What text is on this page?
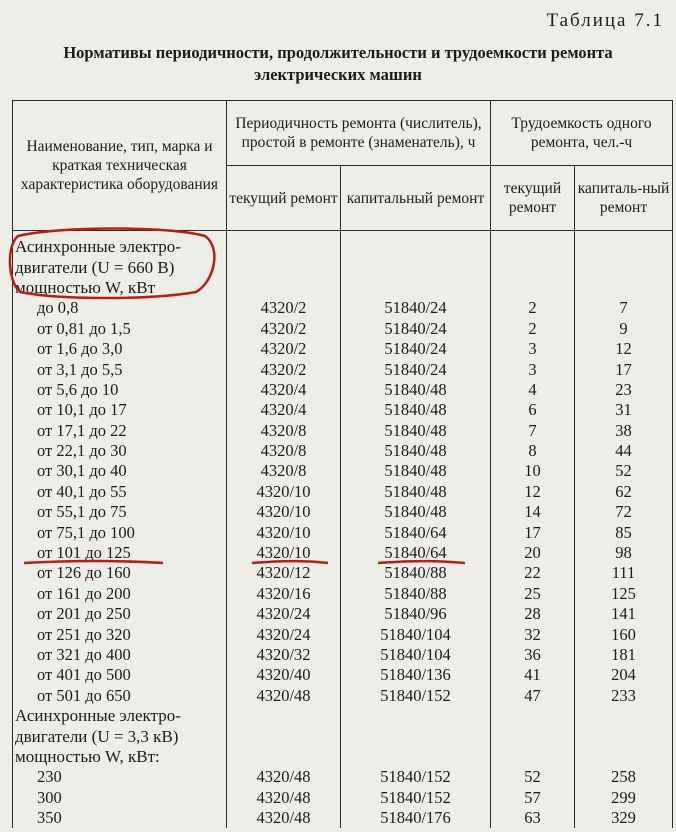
Таблица 7.1
Нормативы периодичности, продолжительности и трудоемкости ремонта
электрических машин
Наименование, тип, марка и краткая техническая характеристика оборудования	Периодичность ремонта (числитель), простой в ремонте (знаменатель), ч		Трудоемкость одного ремонта, чел.-ч	
	текущий ремонт	капитальный ремонт	текущий ремонт	капиталь-ный ремонт

Асинхронные электро-				
двигатели (U = 660 В)				
мощностью W, кВт				
до 0,8	4320/2	51840/24	2	7
от 0,81 до 1,5	4320/2	51840/24	2	9
от 1,6 до 3,0	4320/2	51840/24	3	12
от 3,1 до 5,5	4320/2	51840/24	3	17
от 5,6 до 10	4320/4	51840/48	4	23
от 10,1 до 17	4320/4	51840/48	6	31
от 17,1 до 22	4320/8	51840/48	7	38
от 22,1 до 30	4320/8	51840/48	8	44
от 30,1 до 40	4320/8	51840/48	10	52
от 40,1 до 55	4320/10	51840/48	12	62
от 55,1 до 75	4320/10	51840/48	14	72
от 75,1 до 100	4320/10	51840/64	17	85
от 101 до 125	4320/10	51840/64	20	98
от 126 до 160	4320/12	51840/88	22	111
от 161 до 200	4320/16	51840/88	25	125
от 201 до 250	4320/24	51840/96	28	141
от 251 до 320	4320/24	51840/104	32	160
от 321 до 400	4320/32	51840/104	36	181
от 401 до 500	4320/40	51840/136	41	204
от 501 до 650	4320/48	51840/152	47	233
Асинхронные электро-				
двигатели (U = 3,3 кВ)				
мощностью W, кВт:				
230	4320/48	51840/152	52	258
300	4320/48	51840/152	57	299
350	4320/48	51840/176	63	329
